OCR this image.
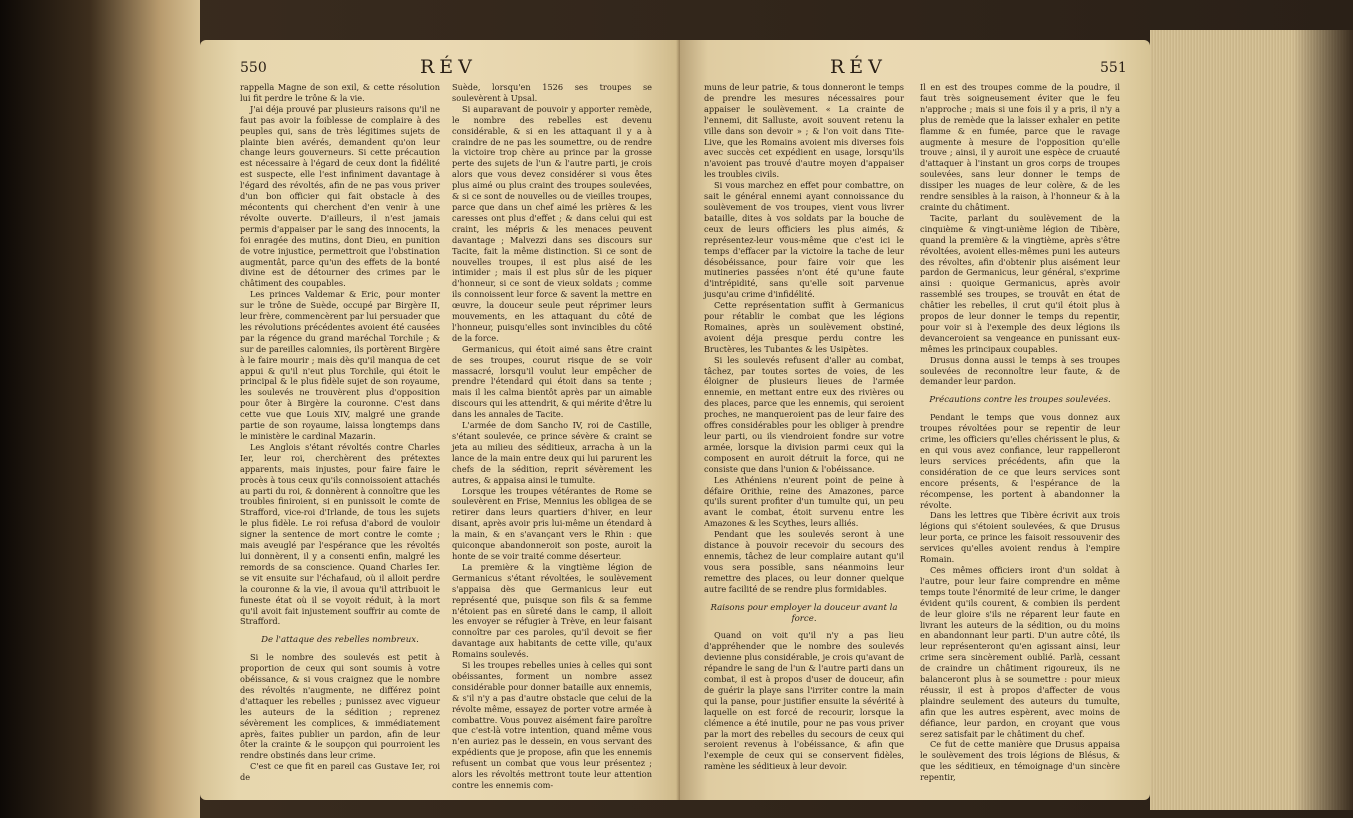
550	RÉV

rappella Magne de son exil, & cette résolution lui fit perdre le trône & la vie.

J'ai déja prouvé par plusieurs raisons qu'il ne faut pas avoir la foiblesse de complaire à des peuples qui, sans de très légitimes sujets de plainte bien avérés, demandent qu'on leur change leurs gouverneurs. Si cette précaution est nécessaire à l'égard de ceux dont la fidélité est suspecte, elle l'est infiniment davantage à l'égard des révoltés, afin de ne pas vous priver d'un bon officier qui fait obstacle à des mécontents qui cherchent d'en venir à une révolte ouverte. D'ailleurs, il n'est jamais permis d'appaiser par le sang des innocents, la foi enragée des mutins, dont Dieu, en punition de votre injustice, permettroit que l'obstination augmentât, parce qu'un des effets de la bonté divine est de détourner des crimes par le châtiment des coupables.

Les princes Valdemar & Eric, pour monter sur le trône de Suède, occupé par Birgère II, leur frère, commencèrent par lui persuader que les révolutions précédentes avoient été causées par la régence du grand maréchal Torchile ; & sur de pareilles calomnies, ils portèrent Birgère à le faire mourir ; mais dès qu'il manqua de cet appui & qu'il n'eut plus Torchile, qui étoit le principal & le plus fidèle sujet de son royaume, les soulevés ne trouvèrent plus d'opposition pour ôter à Birgère la couronne. C'est dans cette vue que Louis XIV, malgré une grande partie de son royaume, laissa longtemps dans le ministère le cardinal Mazarin.

Les Anglois s'étant révoltés contre Charles Ier, leur roi, cherchèrent des prétextes apparents, mais injustes, pour faire faire le procès à tous ceux qu'ils connoissoient attachés au parti du roi, & donnèrent à connoître que les troubles finiroient, si en punissoit le comte de Strafford, vice-roi d'Irlande, de tous les sujets le plus fidèle. Le roi refusa d'abord de vouloir signer la sentence de mort contre le comte ; mais aveuglé par l'espérance que les révoltés lui donnèrent, il y a consenti enfin, malgré les remords de sa conscience. Quand Charles Ier. se vit ensuite sur l'échafaud, où il alloit perdre la couronne & la vie, il avoua qu'il attribuoit le funeste état où il se voyoit réduit, à la mort qu'il avoit fait injustement souffrir au comte de Strafford.

De l'attaque des rebelles nombreux.

Si le nombre des soulevés est petit à proportion de ceux qui sont soumis à votre obéissance, & si vous craignez que le nombre des révoltés n'augmente, ne différez point d'attaquer les rebelles ; punissez avec vigueur les auteurs de la sédition ; reprenez sévèrement les complices, & immédiatement après, faites publier un pardon, afin de leur ôter la crainte & le soupçon qui pourroient les rendre obstinés dans leur crime.

C'est ce que fit en pareil cas Gustave Ier, roi de

Suède, lorsqu'en 1526 ses troupes se soulevèrent à Upsal.

Si auparavant de pouvoir y apporter remède, le nombre des rebelles est devenu considérable, & si en les attaquant il y a à craindre de ne pas les soumettre, ou de rendre la victoire trop chère au prince par la grosse perte des sujets de l'un & l'autre parti, je crois alors que vous devez considérer si vous êtes plus aimé ou plus craint des troupes soulevées, & si ce sont de nouvelles ou de vieilles troupes, parce que dans un chef aimé les prières & les caresses ont plus d'effet ; & dans celui qui est craint, les mépris & les menaces peuvent davantage ; Malvezzi dans ses discours sur Tacite, fait la même distinction. Si ce sont de nouvelles troupes, il est plus aisé de les intimider ; mais il est plus sûr de les piquer d'honneur, si ce sont de vieux soldats ; comme ils connoissent leur force & savent la mettre en œuvre, la douceur seule peut réprimer leurs mouvements, en les attaquant du côté de l'honneur, puisqu'elles sont invincibles du côté de la force.

Germanicus, qui étoit aimé sans être craint de ses troupes, courut risque de se voir massacré, lorsqu'il voulut leur empêcher de prendre l'étendard qui étoit dans sa tente ; mais il les calma bientôt après par un aimable discours qui les attendrit, & qui mérite d'être lu dans les annales de Tacite.

L'armée de dom Sancho IV, roi de Castille, s'étant soulevée, ce prince sévère & craint se jeta au milieu des séditieux, arracha à un la lance de la main entre deux qui lui parurent les chefs de la sédition, reprit sévèrement les autres, & appaisa ainsi le tumulte.

Lorsque les troupes vétérantes de Rome se soulevèrent en Frise, Mennius les obligea de se retirer dans leurs quartiers d'hiver, en leur disant, après avoir pris lui-même un étendard à la main, & en s'avançant vers le Rhin : que quiconque abandonneroit son poste, auroit la honte de se voir traité comme déserteur.

La première & la vingtième légion de Germanicus s'étant révoltées, le soulèvement s'appaisa dès que Germanicus leur eut représenté que, puisque son fils & sa femme n'étoient pas en sûreté dans le camp, il alloit les envoyer se réfugier à Trève, en leur faisant connoître par ces paroles, qu'il devoit se fier davantage aux habitants de cette ville, qu'aux Romains soulevés.

Si les troupes rebelles unies à celles qui sont obéissantes, forment un nombre assez considérable pour donner bataille aux ennemis, & s'il n'y a pas d'autre obstacle que celui de la révolte même, essayez de porter votre armée à combattre. Vous pouvez aisément faire paroître que c'est-là votre intention, quand même vous n'en auriez pas le dessein, en vous servant des expédients que je propose, afin que les ennemis refusent un combat que vous leur présentez ; alors les révoltés mettront toute leur attention contre les ennemis com-

RÉV	551

muns de leur patrie, & tous donneront le temps de prendre les mesures nécessaires pour appaiser le soulèvement. « La crainte de l'ennemi, dit Salluste, avoit souvent retenu la ville dans son devoir » ; & l'on voit dans Tite-Live, que les Romains avoient mis diverses fois avec succès cet expédient en usage, lorsqu'ils n'avoient pas trouvé d'autre moyen d'appaiser les troubles civils.

Si vous marchez en effet pour combattre, on sait le général ennemi ayant connoissance du soulèvement de vos troupes, vient vous livrer bataille, dites à vos soldats par la bouche de ceux de leurs officiers les plus aimés, & représentez-leur vous-même que c'est ici le temps d'effacer par la victoire la tache de leur désobéissance, pour faire voir que les mutineries passées n'ont été qu'une faute d'intrépidité, sans qu'elle soit parvenue jusqu'au crime d'infidélité.

Cette représentation suffit à Germanicus pour rétablir le combat que les légions Romaines, après un soulèvement obstiné, avoient déja presque perdu contre les Bructères, les Tubantes & les Usipètes.

Si les soulevés refusent d'aller au combat, tâchez, par toutes sortes de voies, de les éloigner de plusieurs lieues de l'armée ennemie, en mettant entre eux des rivières ou des places, parce que les ennemis, qui seroient proches, ne manqueroient pas de leur faire des offres considérables pour les obliger à prendre leur parti, ou ils viendroient fondre sur votre armée, lorsque la division parmi ceux qui la composent en auroit détruit la force, qui ne consiste que dans l'union & l'obéissance.

Les Athéniens n'eurent point de peine à défaire Orithie, reine des Amazones, parce qu'ils surent profiter d'un tumulte qui, un peu avant le combat, étoit survenu entre les Amazones & les Scythes, leurs alliés.

Pendant que les soulevés seront à une distance à pouvoir recevoir du secours des ennemis, tâchez de leur complaire autant qu'il vous sera possible, sans néanmoins leur remettre des places, ou leur donner quelque autre facilité de se rendre plus formidables.

Raisons pour employer la douceur avant la force.

Quand on voit qu'il n'y a pas lieu d'appréhender que le nombre des soulevés devienne plus considérable, je crois qu'avant de répandre le sang de l'un & l'autre parti dans un combat, il est à propos d'user de douceur, afin de guérir la playe sans l'irriter contre la main qui la panse, pour justifier ensuite la sévérité à laquelle on est forcé de recourir, lorsque la clémence a été inutile, pour ne pas vous priver par la mort des rebelles du secours de ceux qui seroient revenus à l'obéissance, & afin que l'exemple de ceux qui se conservent fidèles, ramène les séditieux à leur devoir.

Il en est des troupes comme de la poudre, il faut très soigneusement éviter que le feu n'approche ; mais si une fois il y a pris, il n'y a plus de remède que la laisser exhaler en petite flamme & en fumée, parce que le ravage augmente à mesure de l'opposition qu'elle trouve ; ainsi, il y auroit une espèce de cruauté d'attaquer à l'instant un gros corps de troupes soulevées, sans leur donner le temps de dissiper les nuages de leur colère, & de les rendre sensibles à la raison, à l'honneur & à la crainte du châtiment.

Tacite, parlant du soulèvement de la cinquième & vingt-unième légion de Tibère, quand la première & la vingtième, après s'être révoltées, avoient elles-mêmes puni les auteurs des révoltes, afin d'obtenir plus aisément leur pardon de Germanicus, leur général, s'exprime ainsi : quoique Germanicus, après avoir rassemblé ses troupes, se trouvât en état de châtier les rebelles, il crut qu'il étoit plus à propos de leur donner le temps du repentir, pour voir si à l'exemple des deux légions ils devanceroient sa vengeance en punissant eux-mêmes les principaux coupables.

Drusus donna aussi le temps à ses troupes soulevées de reconnoître leur faute, & de demander leur pardon.

Précautions contre les troupes soulevées.

Pendant le temps que vous donnez aux troupes révoltées pour se repentir de leur crime, les officiers qu'elles chérissent le plus, & en qui vous avez confiance, leur rappelleront leurs services précédents, afin que la considération de ce que leurs services sont encore présents, & l'espérance de la récompense, les portent à abandonner la révolte.

Dans les lettres que Tibère écrivit aux trois légions qui s'étoient soulevées, & que Drusus leur porta, ce prince les faisoit ressouvenir des services qu'elles avoient rendus à l'empire Romain.

Ces mêmes officiers iront d'un soldat à l'autre, pour leur faire comprendre en même temps toute l'énormité de leur crime, le danger évident qu'ils courent, & combien ils perdent de leur gloire s'ils ne réparent leur faute en livrant les auteurs de la sédition, ou du moins en abandonnant leur parti. D'un autre côté, ils leur représenteront qu'en agissant ainsi, leur crime sera sincèrement oublié. Parlà, cessant de craindre un châtiment rigoureux, ils ne balanceront plus à se soumettre : pour mieux réussir, il est à propos d'affecter de vous plaindre seulement des auteurs du tumulte, afin que les autres espèrent, avec moins de défiance, leur pardon, en croyant que vous serez satisfait par le châtiment du chef.

Ce fut de cette manière que Drusus appaisa le soulèvement des trois légions de Blésus, & que les séditieux, en témoignage d'un sincère repentir,
